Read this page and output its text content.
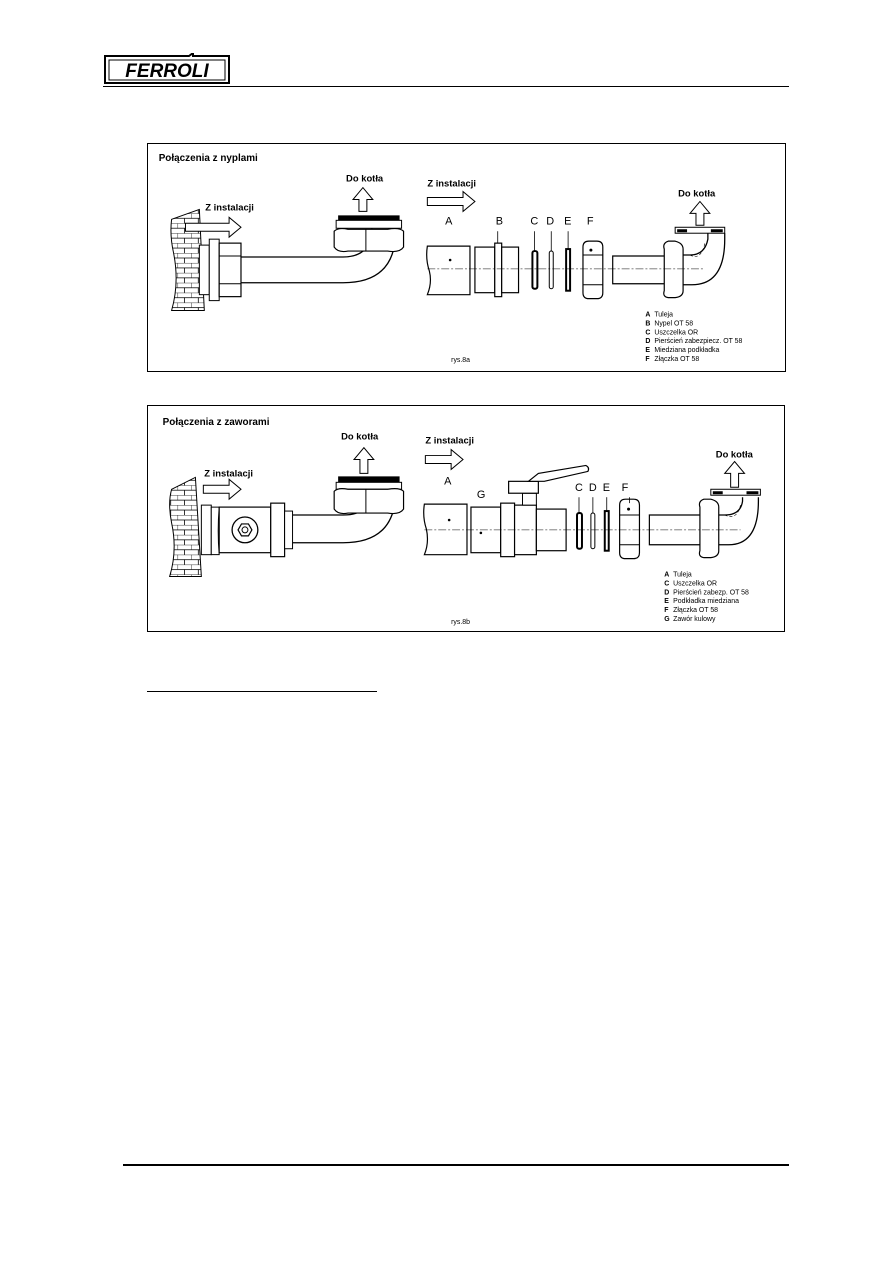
FERROLI
Połączenia z nyplami
Z instalacji
Do kotła	Z instalacji
A	B C D E F
Do kotła
A Tuleja
B Nypel OT 58
C Uszczelka OR
D Pierścień zabezpiecz. OT 58
E Miedziana podkładka
F Złączka OT 58
rys.8a
Połączenia z zaworami
Z instalacji
Do kotła	Z instalacji
A
G
C D E F
Do kotła
A Tuleja
C Uszczelka OR
D Pierścień zabezp. OT 58
E Podkładka miedziana
F Złączka OT 58
G Zawór kulowy
rys.8b
